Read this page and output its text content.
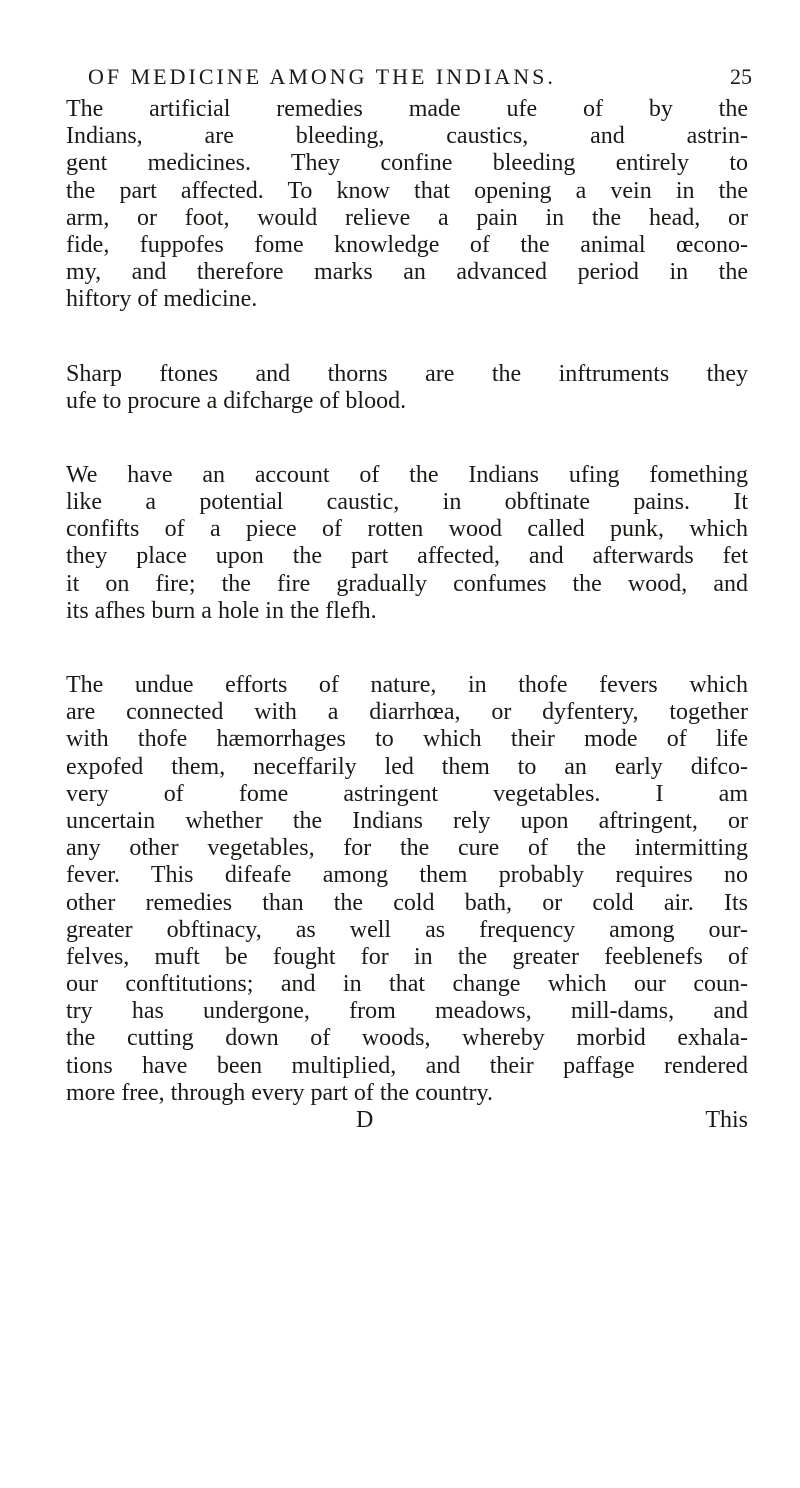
OF MEDICINE AMONG THE INDIANS.	25
The artificial remedies made ufe of by the
Indians, are bleeding, caustics, and astrin-
gent medicines. They confine bleeding entirely to
the part affected. To know that opening a vein in the
arm, or foot, would relieve a pain in the head, or
fide, fuppofes fome knowledge of the animal œcono-
my, and therefore marks an advanced period in the
hiftory of medicine.
Sharp ftones and thorns are the inftruments they
ufe to procure a difcharge of blood.
We have an account of the Indians ufing fomething
like a potential caustic, in obftinate pains. It
confifts of a piece of rotten wood called punk, which
they place upon the part affected, and afterwards fet
it on fire; the fire gradually confumes the wood, and
its afhes burn a hole in the flefh.
The undue efforts of nature, in thofe fevers which
are connected with a diarrhœa, or dyfentery, together
with thofe hæmorrhages to which their mode of life
expofed them, neceffarily led them to an early difco-
very of fome astringent vegetables. I am
uncertain whether the Indians rely upon aftringent, or
any other vegetables, for the cure of the intermitting
fever. This difeafe among them probably requires no
other remedies than the cold bath, or cold air. Its
greater obftinacy, as well as frequency among our-
felves, muft be fought for in the greater feeblenefs of
our conftitutions; and in that change which our coun-
try has undergone, from meadows, mill-dams, and
the cutting down of woods, whereby morbid exhala-
tions have been multiplied, and their paffage rendered
more free, through every part of the country.
D	This
